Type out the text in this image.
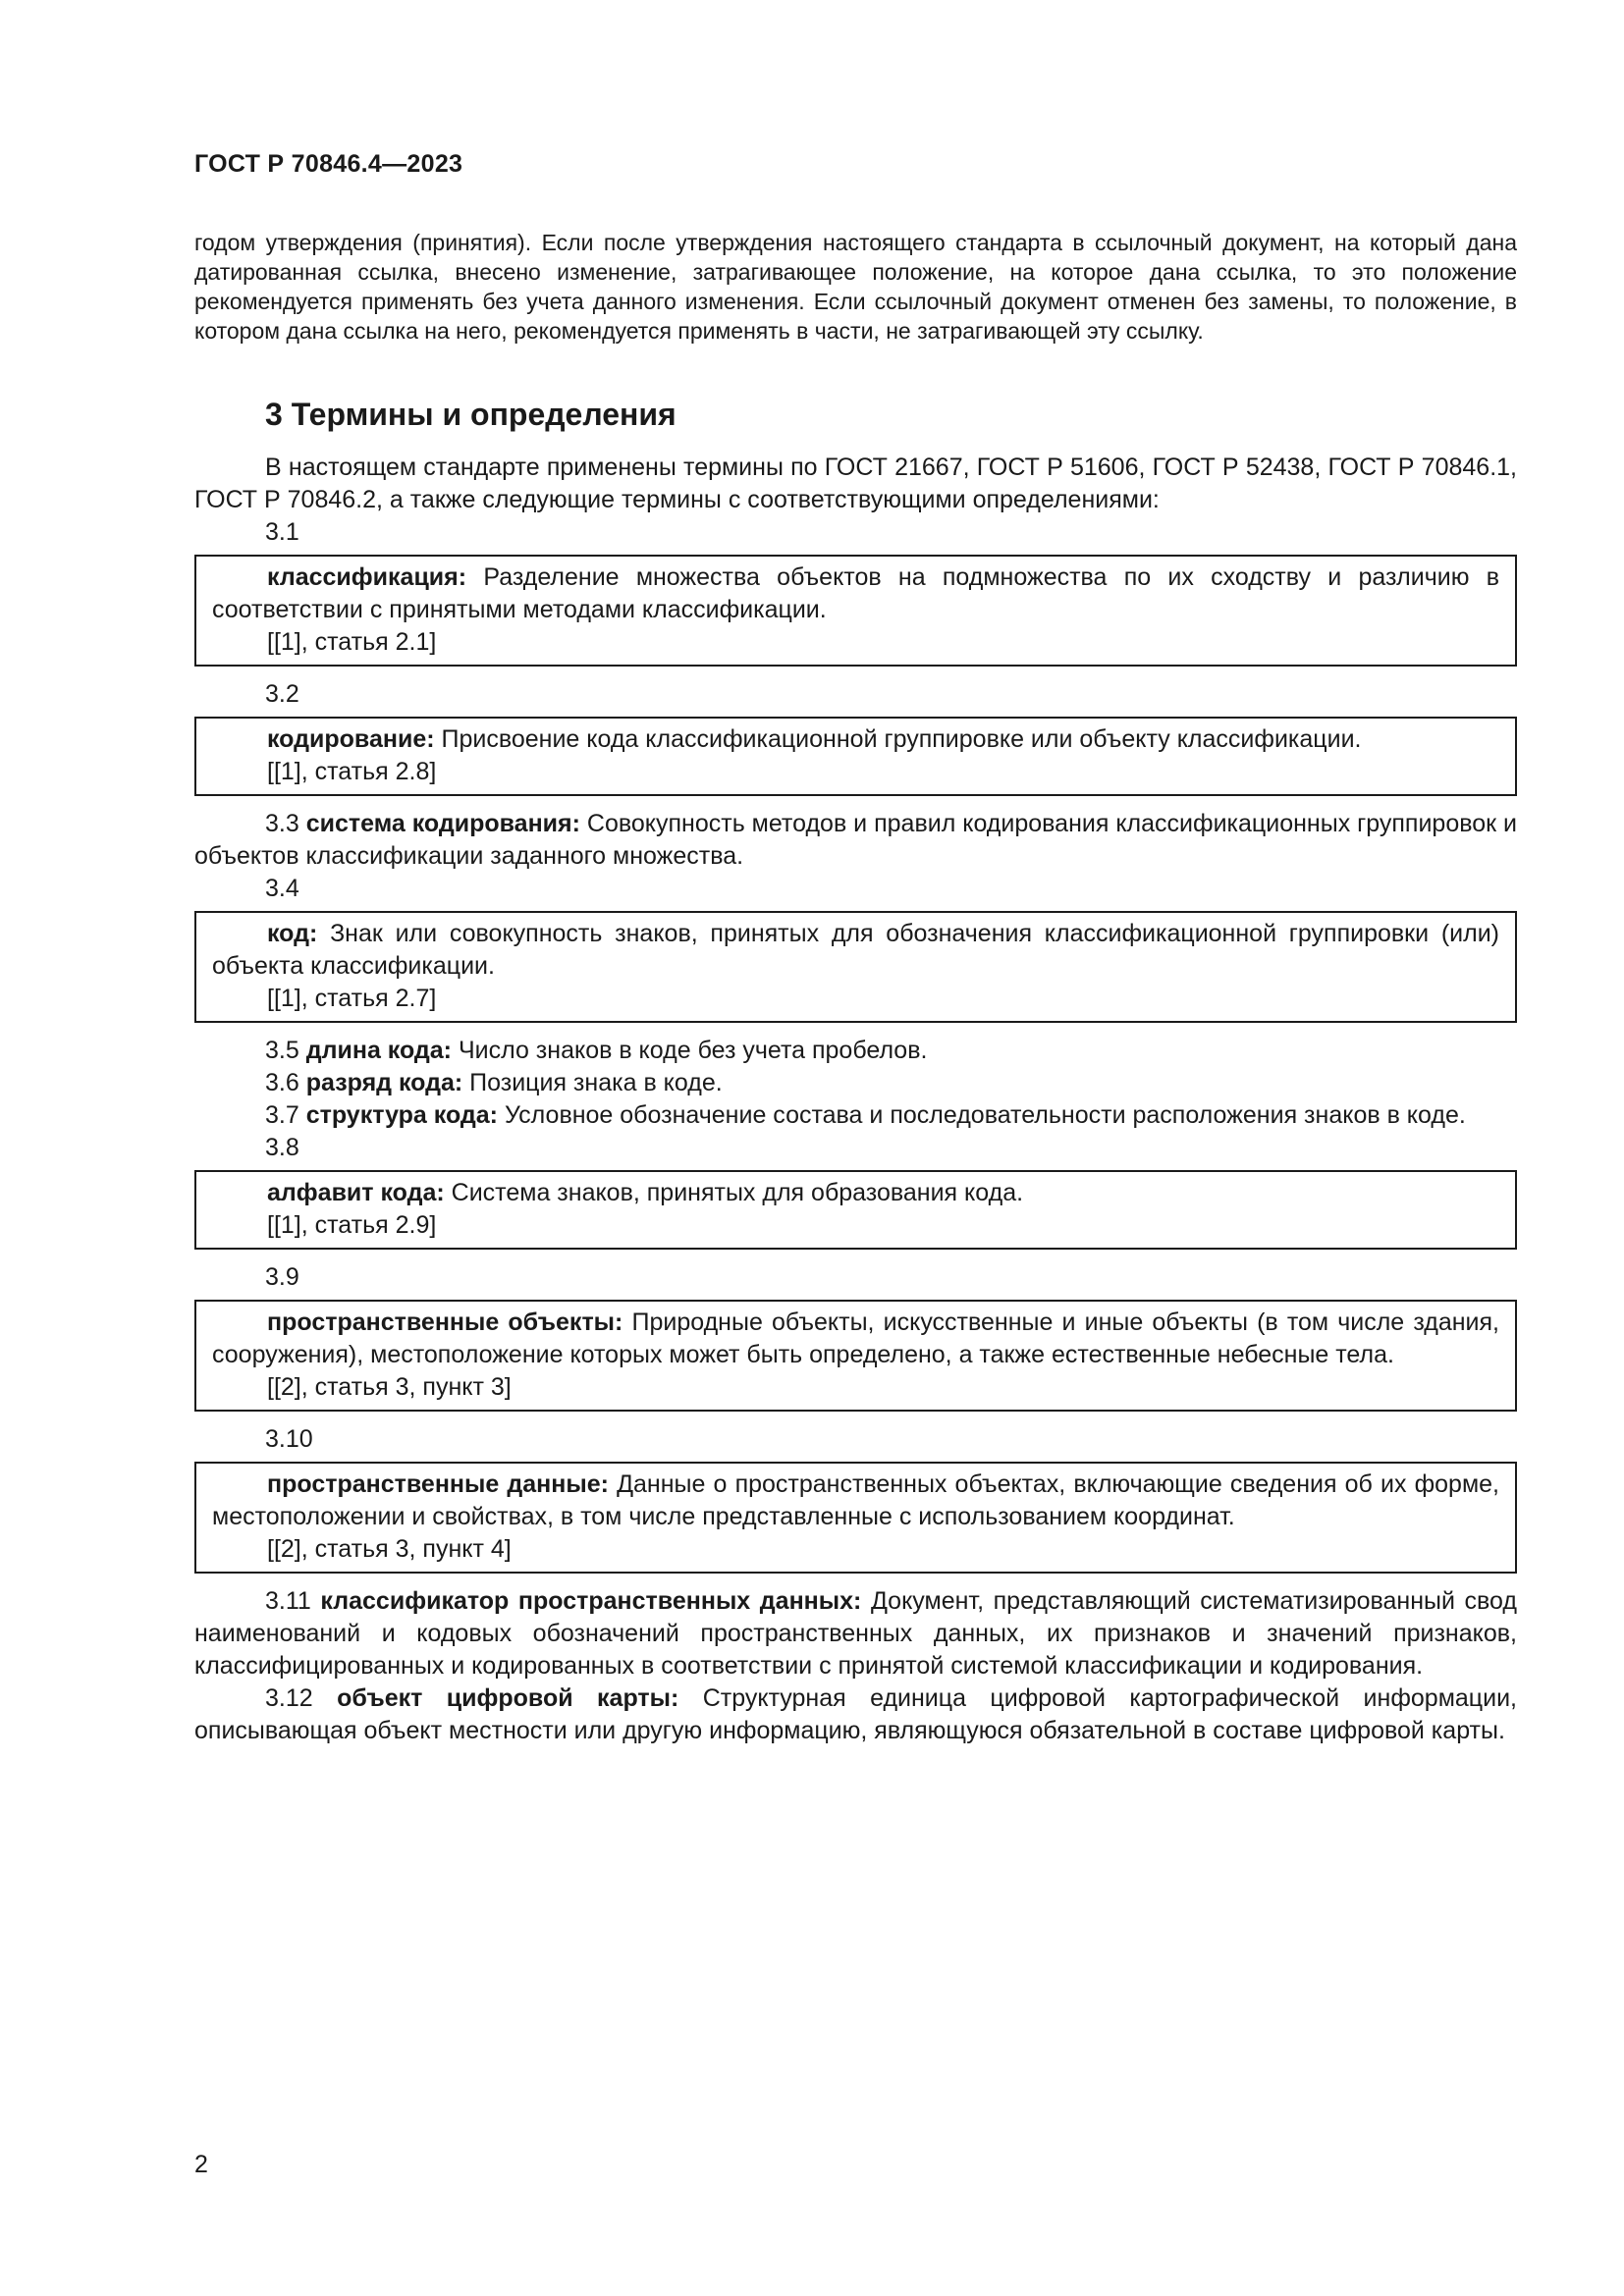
ГОСТ Р 70846.4—2023

годом утверждения (принятия). Если после утверждения настоящего стандарта в ссылочный документ, на который дана датированная ссылка, внесено изменение, затрагивающее положение, на которое дана ссылка, то это положение рекомендуется применять без учета данного изменения. Если ссылочный документ отменен без замены, то положение, в котором дана ссылка на него, рекомендуется применять в части, не затрагивающей эту ссылку.

3 Термины и определения

В настоящем стандарте применены термины по ГОСТ 21667, ГОСТ Р 51606, ГОСТ Р 52438, ГОСТ Р 70846.1, ГОСТ Р 70846.2, а также следующие термины с соответствующими определениями:

3.1

классификация: Разделение множества объектов на подмножества по их сходству и различию в соответствии с принятыми методами классификации.

[[1], статья 2.1]

3.2

кодирование: Присвоение кода классификационной группировке или объекту классификации.

[[1], статья 2.8]

3.3 система кодирования: Совокупность методов и правил кодирования классификационных группировок и объектов классификации заданного множества.

3.4

код: Знак или совокупность знаков, принятых для обозначения классификационной группировки (или) объекта классификации.

[[1], статья 2.7]

3.5 длина кода: Число знаков в коде без учета пробелов.

3.6 разряд кода: Позиция знака в коде.

3.7 структура кода: Условное обозначение состава и последовательности расположения знаков в коде.

3.8

алфавит кода: Система знаков, принятых для образования кода.

[[1], статья 2.9]

3.9

пространственные объекты: Природные объекты, искусственные и иные объекты (в том числе здания, сооружения), местоположение которых может быть определено, а также естественные небесные тела.

[[2], статья 3, пункт 3]

3.10

пространственные данные: Данные о пространственных объектах, включающие сведения об их форме, местоположении и свойствах, в том числе представленные с использованием координат.

[[2], статья 3, пункт 4]

3.11 классификатор пространственных данных: Документ, представляющий систематизированный свод наименований и кодовых обозначений пространственных данных, их признаков и значений признаков, классифицированных и кодированных в соответствии с принятой системой классификации и кодирования.

3.12 объект цифровой карты: Структурная единица цифровой картографической информации, описывающая объект местности или другую информацию, являющуюся обязательной в составе цифровой карты.

2
